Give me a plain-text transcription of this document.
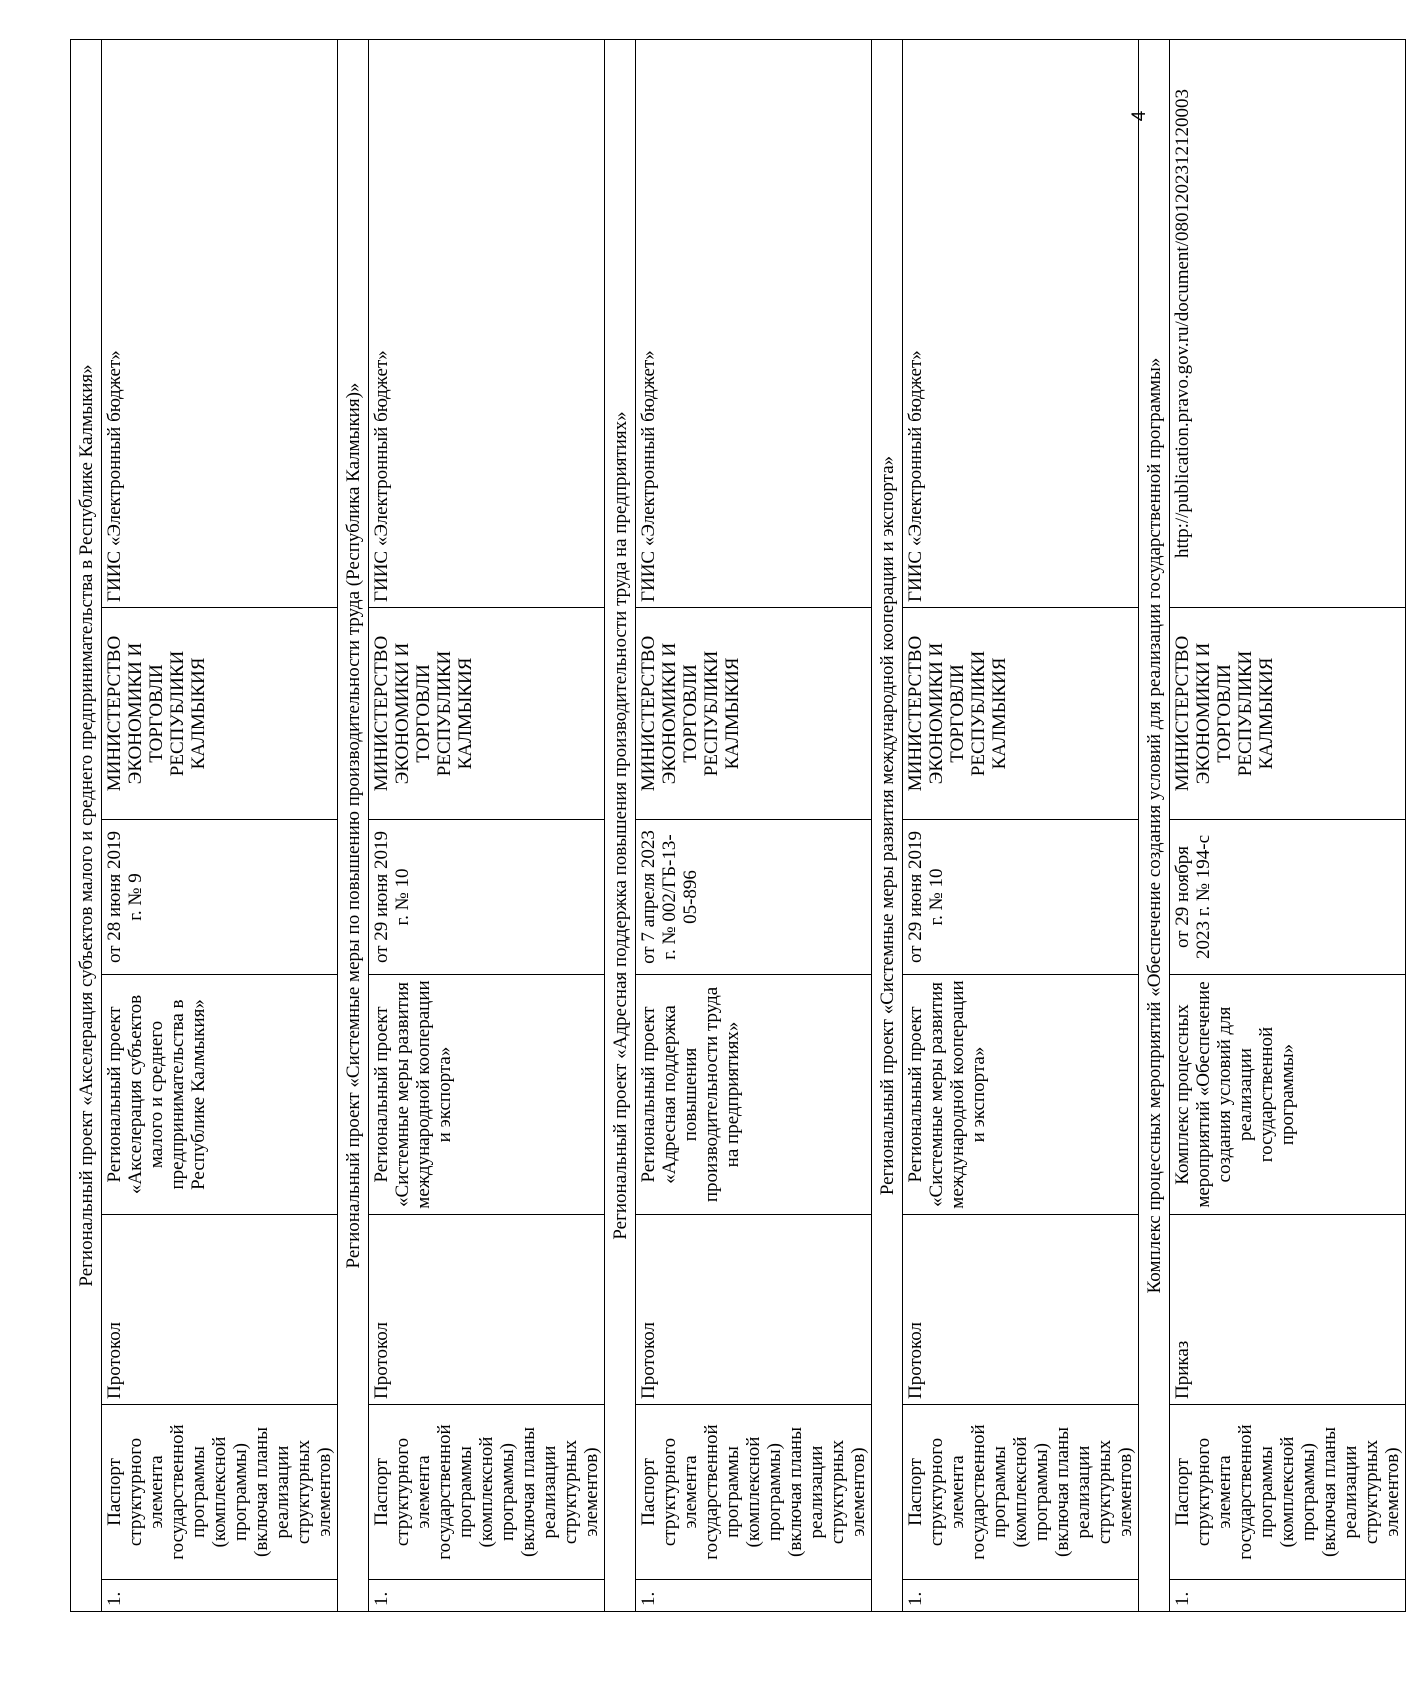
4
Региональный проект «Акселерация субъектов малого и среднего предпринимательства в Республике Калмыкия»						
1.	Паспорт структурного элемента государственной программы (комплексной программы) (включая планы реализации структурных элементов)	Протокол	Региональный проект «Акселерация субъектов малого и среднего предпринимательства в Республике Калмыкия»	от 28 июня 2019 г. № 9	МИНИСТЕРСТВО ЭКОНОМИКИ И ТОРГОВЛИ РЕСПУБЛИКИ КАЛМЫКИЯ	ГИИС «Электронный бюджет»
Региональный проект «Системные меры по повышению производительности труда (Республика Калмыкия)»						
1.	Паспорт структурного элемента государственной программы (комплексной программы) (включая планы реализации структурных элементов)	Протокол	Региональный проект «Системные меры развития международной кооперации и экспорта»	от 29 июня 2019 г. № 10	МИНИСТЕРСТВО ЭКОНОМИКИ И ТОРГОВЛИ РЕСПУБЛИКИ КАЛМЫКИЯ	ГИИС «Электронный бюджет»
Региональный проект «Адресная поддержка повышения производительности труда на предприятиях»						
1.	Паспорт структурного элемента государственной программы (комплексной программы) (включая планы реализации структурных элементов)	Протокол	Региональный проект «Адресная поддержка повышения производительности труда на предприятиях»	от 7 апреля 2023 г. № 002/ГБ-13-05-896	МИНИСТЕРСТВО ЭКОНОМИКИ И ТОРГОВЛИ РЕСПУБЛИКИ КАЛМЫКИЯ	ГИИС «Электронный бюджет»
Региональный проект «Системные меры развития международной кооперации и экспорта»						
1.	Паспорт структурного элемента государственной программы (комплексной программы) (включая планы реализации структурных элементов)	Протокол	Региональный проект «Системные меры развития международной кооперации и экспорта»	от 29 июня 2019 г. № 10	МИНИСТЕРСТВО ЭКОНОМИКИ И ТОРГОВЛИ РЕСПУБЛИКИ КАЛМЫКИЯ	ГИИС «Электронный бюджет»
Комплекс процессных мероприятий «Обеспечение создания условий для реализации государственной программы»						
1.	Паспорт структурного элемента государственной программы (комплексной программы) (включая планы реализации структурных элементов)	Приказ	Комплекс процессных мероприятий «Обеспечение создания условий для реализации государственной программы»	от 29 ноября 2023 г. № 194-с	МИНИСТЕРСТВО ЭКОНОМИКИ И ТОРГОВЛИ РЕСПУБЛИКИ КАЛМЫКИЯ	http://publication.pravo.gov.ru/document/0801202312120003
